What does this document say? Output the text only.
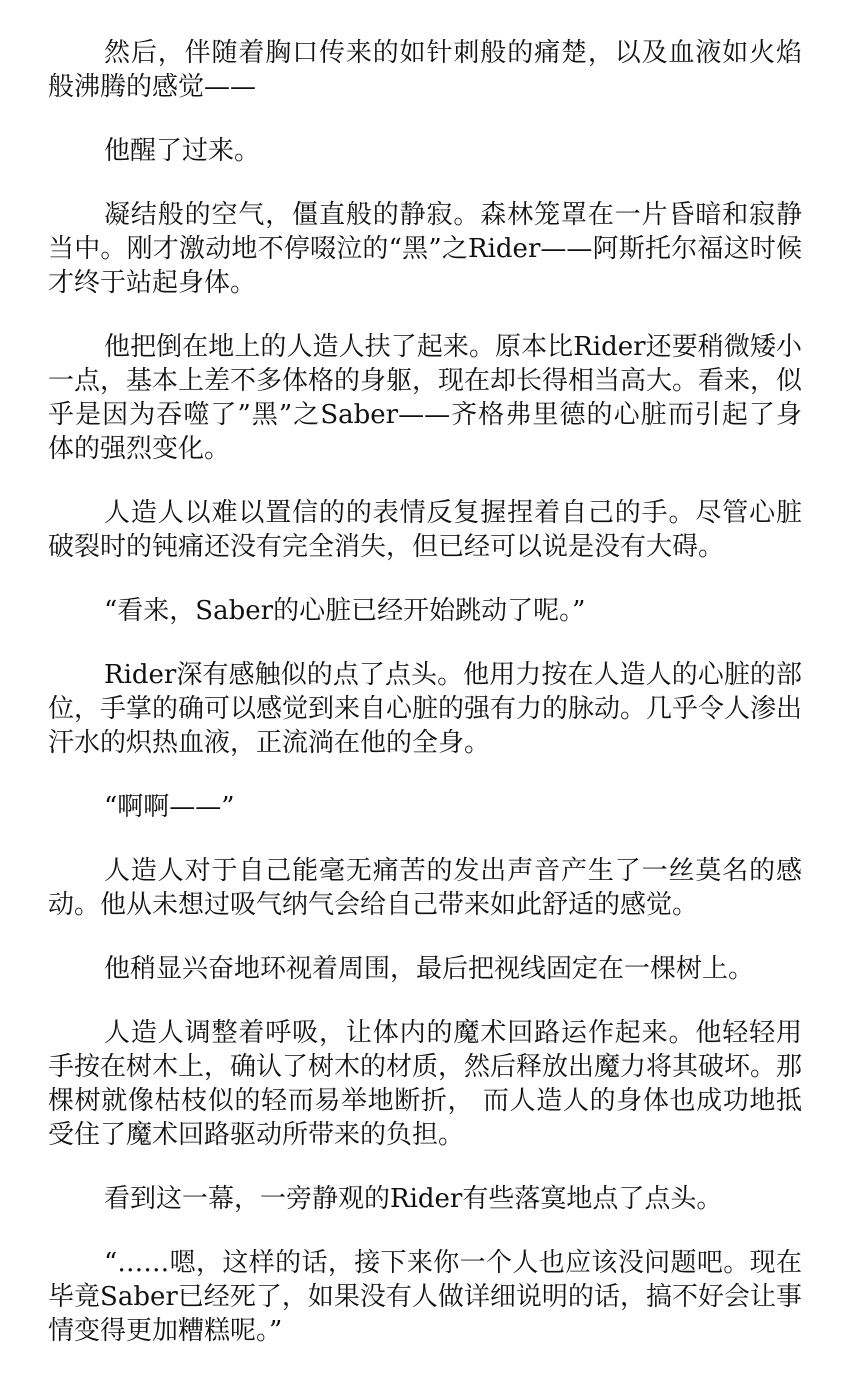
然后，伴随着胸口传来的如针刺般的痛楚，以及血液如火焰般沸腾的感觉——

他醒了过来。

凝结般的空气，僵直般的静寂。森林笼罩在一片昏暗和寂静当中。刚才激动地不停啜泣的“黑”之Rider——阿斯托尔福这时候才终于站起身体。

他把倒在地上的人造人扶了起来。原本比Rider还要稍微矮小一点，基本上差不多体格的身躯，现在却长得相当高大。看来，似乎是因为吞噬了”黑”之Saber——齐格弗里德的心脏而引起了身体的强烈变化。

人造人以难以置信的的表情反复握捏着自己的手。尽管心脏破裂时的钝痛还没有完全消失，但已经可以说是没有大碍。

“看来，Saber的心脏已经开始跳动了呢。”

Rider深有感触似的点了点头。他用力按在人造人的心脏的部位，手掌的确可以感觉到来自心脏的强有力的脉动。几乎令人渗出汗水的炽热血液，正流淌在他的全身。

“啊啊——”

人造人对于自己能毫无痛苦的发出声音产生了一丝莫名的感动。他从未想过吸气纳气会给自己带来如此舒适的感觉。

他稍显兴奋地环视着周围，最后把视线固定在一棵树上。

人造人调整着呼吸，让体内的魔术回路运作起来。他轻轻用手按在树木上，确认了树木的材质，然后释放出魔力将其破坏。那棵树就像枯枝似的轻而易举地断折， 而人造人的身体也成功地抵受住了魔术回路驱动所带来的负担。

看到这一幕，一旁静观的Rider有些落寞地点了点头。

“……嗯，这样的话，接下来你一个人也应该没问题吧。现在毕竟Saber已经死了，如果没有人做详细说明的话，搞不好会让事情变得更加糟糕呢。”
